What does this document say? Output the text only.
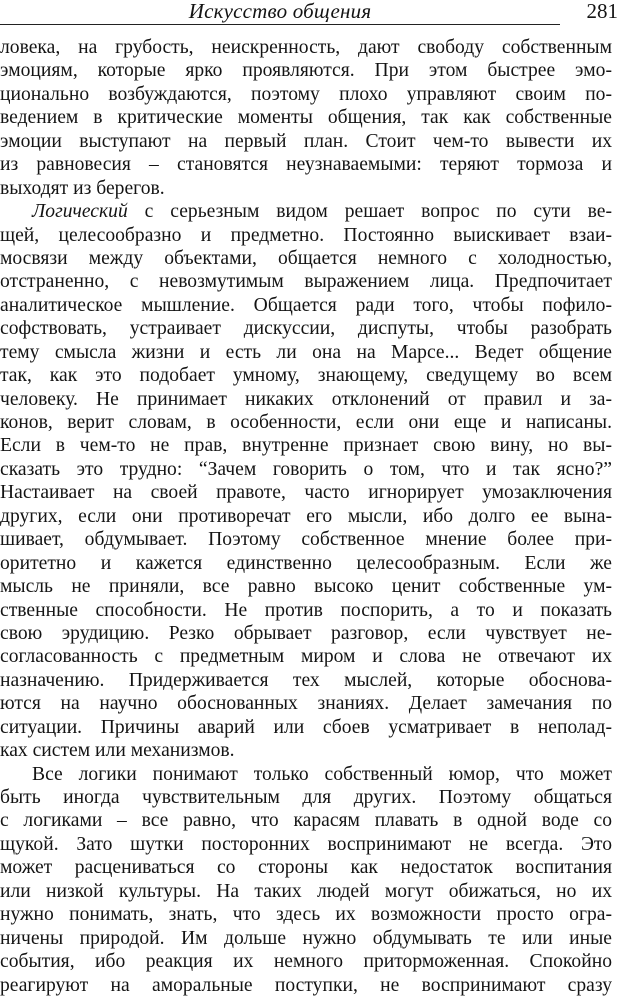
Искусство общения	281
ловека, на грубость, неискренность, дают свободу собственным
эмоциям, которые ярко проявляются. При этом быстрее эмо-
ционально возбуждаются, поэтому плохо управляют своим по-
ведением в критические моменты общения, так как собственные
эмоции выступают на первый план. Стоит чем-то вывести их
из равновесия – становятся неузнаваемыми: теряют тормоза и
выходят из берегов.
Логический с серьезным видом решает вопрос по сути ве-
щей, целесообразно и предметно. Постоянно выискивает взаи-
мосвязи между объектами, общается немного с холодностью,
отстраненно, с невозмутимым выражением лица. Предпочитает
аналитическое мышление. Общается ради того, чтобы пофило-
софствовать, устраивает дискуссии, диспуты, чтобы разобрать
тему смысла жизни и есть ли она на Марсе... Ведет общение
так, как это подобает умному, знающему, сведущему во всем
человеку. Не принимает никаких отклонений от правил и за-
конов, верит словам, в особенности, если они еще и написаны.
Если в чем-то не прав, внутренне признает свою вину, но вы-
сказать это трудно: “Зачем говорить о том, что и так ясно?”
Настаивает на своей правоте, часто игнорирует умозаключения
других, если они противоречат его мысли, ибо долго ее вына-
шивает, обдумывает. Поэтому собственное мнение более при-
оритетно и кажется единственно целесообразным. Если же
мысль не приняли, все равно высоко ценит собственные ум-
ственные способности. Не против поспорить, а то и показать
свою эрудицию. Резко обрывает разговор, если чувствует не-
согласованность с предметным миром и слова не отвечают их
назначению. Придерживается тех мыслей, которые обоснова-
ются на научно обоснованных знаниях. Делает замечания по
ситуации. Причины аварий или сбоев усматривает в неполад-
ках систем или механизмов.
Все логики понимают только собственный юмор, что может
быть иногда чувствительным для других. Поэтому общаться
с логиками – все равно, что карасям плавать в одной воде со
щукой. Зато шутки посторонних воспринимают не всегда. Это
может расцениваться со стороны как недостаток воспитания
или низкой культуры. На таких людей могут обижаться, но их
нужно понимать, знать, что здесь их возможности просто огра-
ничены природой. Им дольше нужно обдумывать те или иные
события, ибо реакция их немного приторможенная. Спокойно
реагируют на аморальные поступки, не воспринимают сразу
